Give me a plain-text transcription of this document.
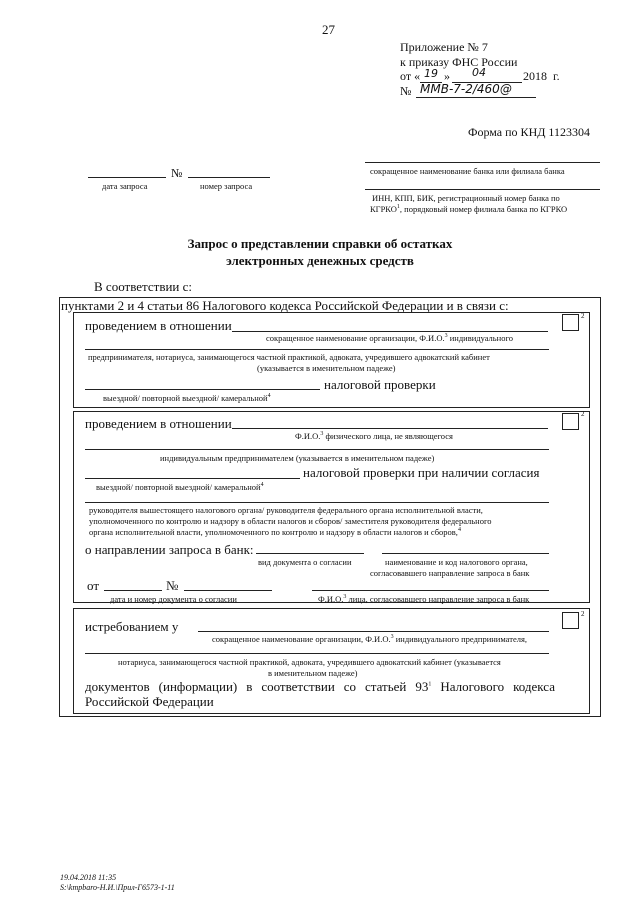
27
Приложение № 7
к приказу ФНС России
от « 19 » 04	2018 г.
№ ММВ-7-2/460@
Форма по КНД 1123304
№
дата запроса	номер запроса
сокращенное наименование банка или филиала банка
ИНН, КПП, БИК, регистрационный номер банка по
КГРКО$^1$, порядковый номер филиала банка по КГРКО
Запрос о представлении справки об остатках
электронных денежных средств
В соответствии с:
пунктами 2 и 4 статьи 86 Налогового кодекса Российской Федерации и в связи с:
проведением в отношении
2
сокращенное наименование организации, Ф.И.О.$^3$ индивидуального
предпринимателя, нотариуса, занимающегося частной практикой, адвоката, учредившего адвокатский кабинет
(указывается в именительном падеже)
налоговой проверки
выездной/ повторной выездной/ камеральной$^4$
проведением в отношении
2
Ф.И.О.$^3$ физического лица, не являющегося
индивидуальным предпринимателем (указывается в именительном падеже)
налоговой проверки при наличии согласия
выездной/ повторной выездной/ камеральной$^4$
руководителя вышестоящего налогового органа/ руководителя федерального органа исполнительной власти,
уполномоченного по контролю и надзору в области налогов и сборов/ заместителя руководителя федерального
органа исполнительной власти, уполномоченного по контролю и надзору в области налогов и сборов,$^4$
о направлении запроса в банк:
вид документа о согласии	наименование и код налогового органа,
согласовавшего направление запроса в банк
от	№
дата и номер документа о согласии	Ф.И.О.$^3$ лица, согласовавшего направление запроса в банк
истребованием у
2
сокращенное наименование организации, Ф.И.О.$^3$ индивидуального предпринимателя,
нотариуса, занимающегося частной практикой, адвоката, учредившего адвокатский кабинет (указывается
в именительном падеже)
документов (информации) в соответствии со статьей $93^1$ Налогового кодекса
Российской Федерации
19.04.2018 11:35
S:\kmpbaro-Н.И.\Прил-Г6573-1-11
